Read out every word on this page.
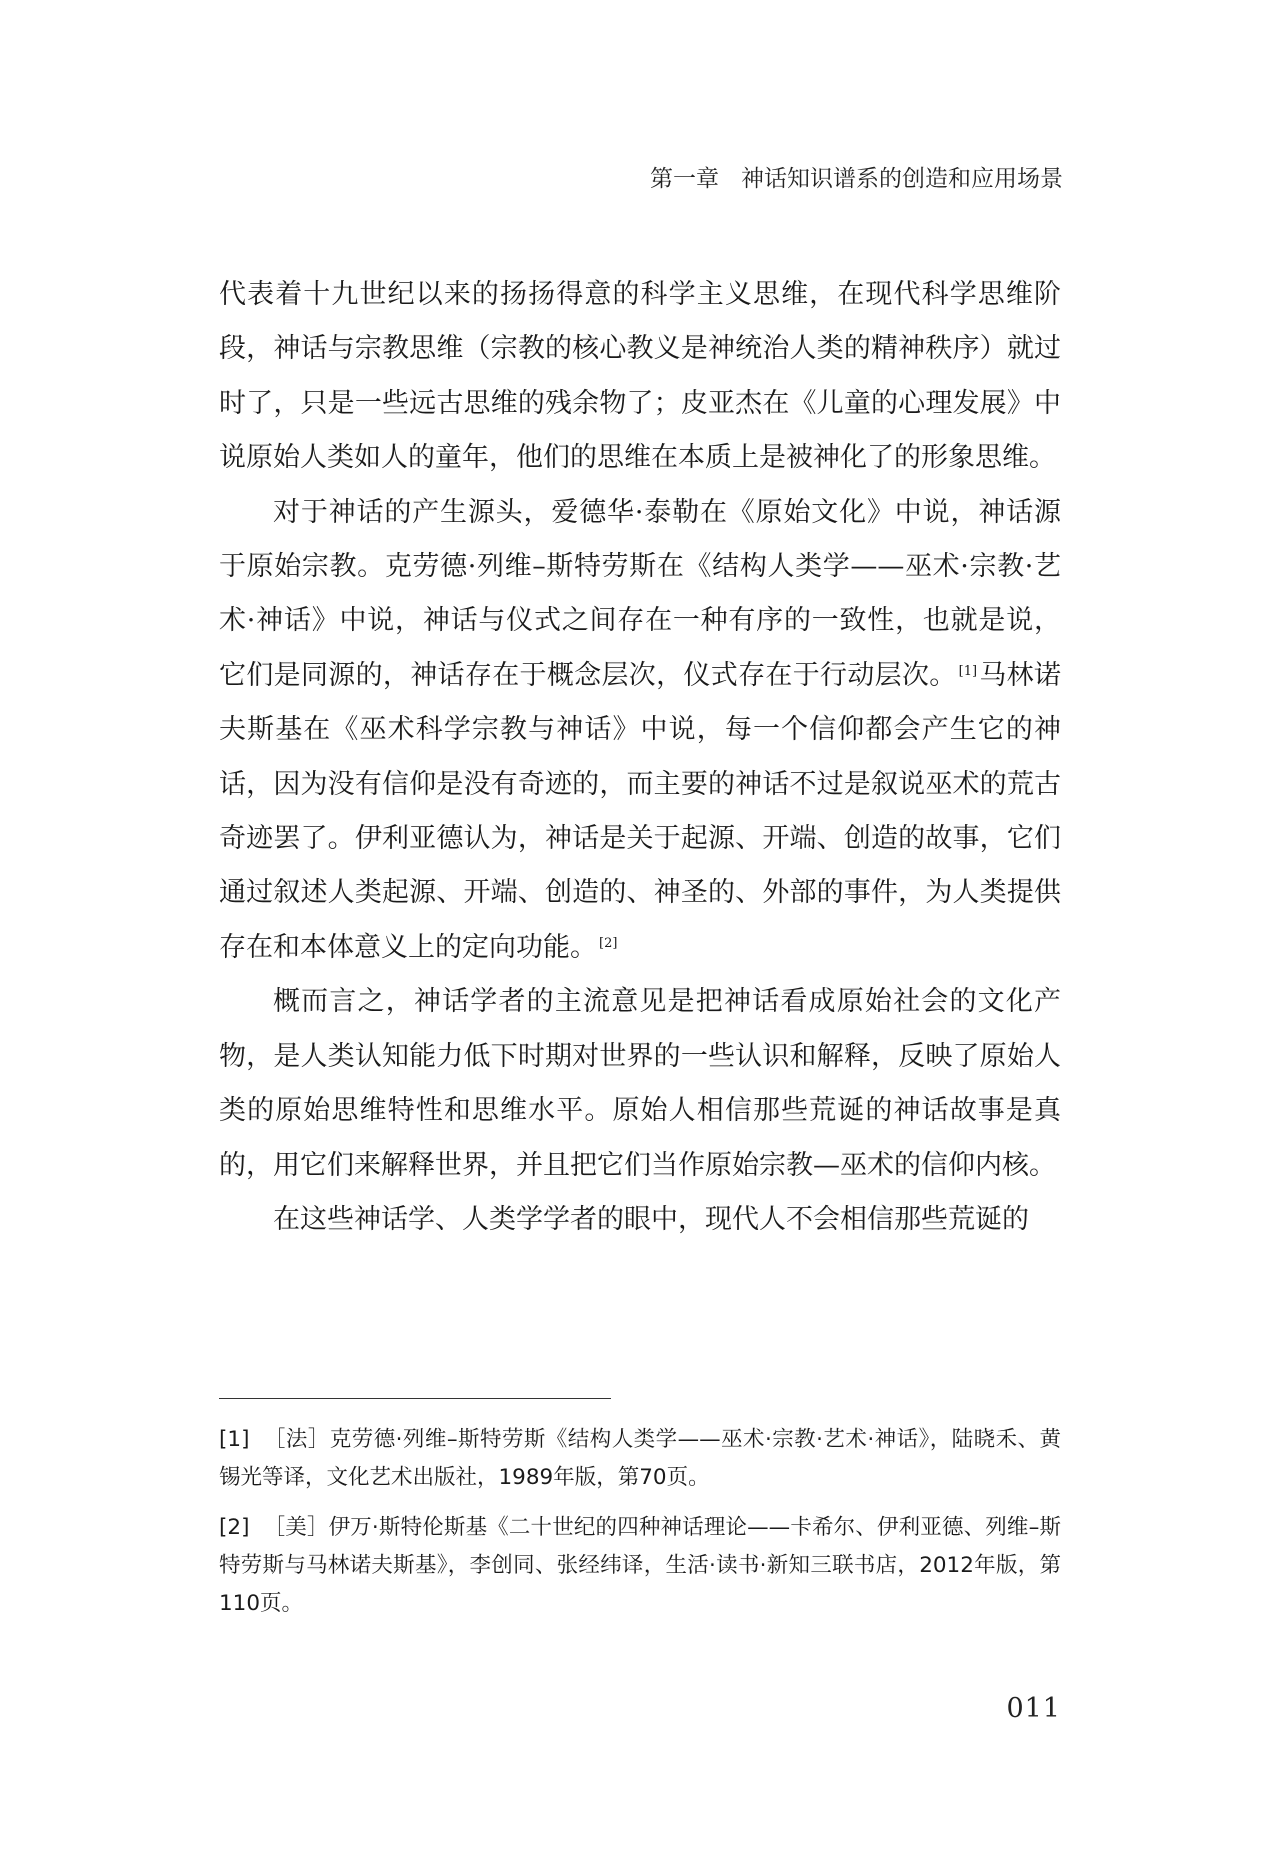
第一章 神话知识谱系的创造和应用场景

代表着十九世纪以来的扬扬得意的科学主义思维，在现代科学思维阶段，神话与宗教思维（宗教的核心教义是神统治人类的精神秩序）就过时了，只是一些远古思维的残余物了；皮亚杰在《儿童的心理发展》中说原始人类如人的童年，他们的思维在本质上是被神化了的形象思维。

对于神话的产生源头，爱德华·泰勒在《原始文化》中说，神话源于原始宗教。克劳德·列维–斯特劳斯在《结构人类学——巫术·宗教·艺术·神话》中说，神话与仪式之间存在一种有序的一致性，也就是说，它们是同源的，神话存在于概念层次，仪式存在于行动层次。 [1]马林诺夫斯基在《巫术科学宗教与神话》中说，每一个信仰都会产生它的神话，因为没有信仰是没有奇迹的，而主要的神话不过是叙说巫术的荒古奇迹罢了。伊利亚德认为，神话是关于起源、开端、创造的故事，它们通过叙述人类起源、开端、创造的、神圣的、外部的事件，为人类提供存在和本体意义上的定向功能。 [2]

概而言之，神话学者的主流意见是把神话看成原始社会的文化产物，是人类认知能力低下时期对世界的一些认识和解释，反映了原始人类的原始思维特性和思维水平。原始人相信那些荒诞的神话故事是真的，用它们来解释世界，并且把它们当作原始宗教—巫术的信仰内核。

在这些神话学、人类学学者的眼中，现代人不会相信那些荒诞的

[1] ［法］克劳德·列维–斯特劳斯《结构人类学——巫术·宗教·艺术·神话》，陆晓禾、黄锡光等译，文化艺术出版社，1989年版，第70页。

[2] ［美］伊万·斯特伦斯基《二十世纪的四种神话理论——卡希尔、伊利亚德、列维–斯特劳斯与马林诺夫斯基》，李创同、张经纬译，生活·读书·新知三联书店，2012年版，第110页。

011
